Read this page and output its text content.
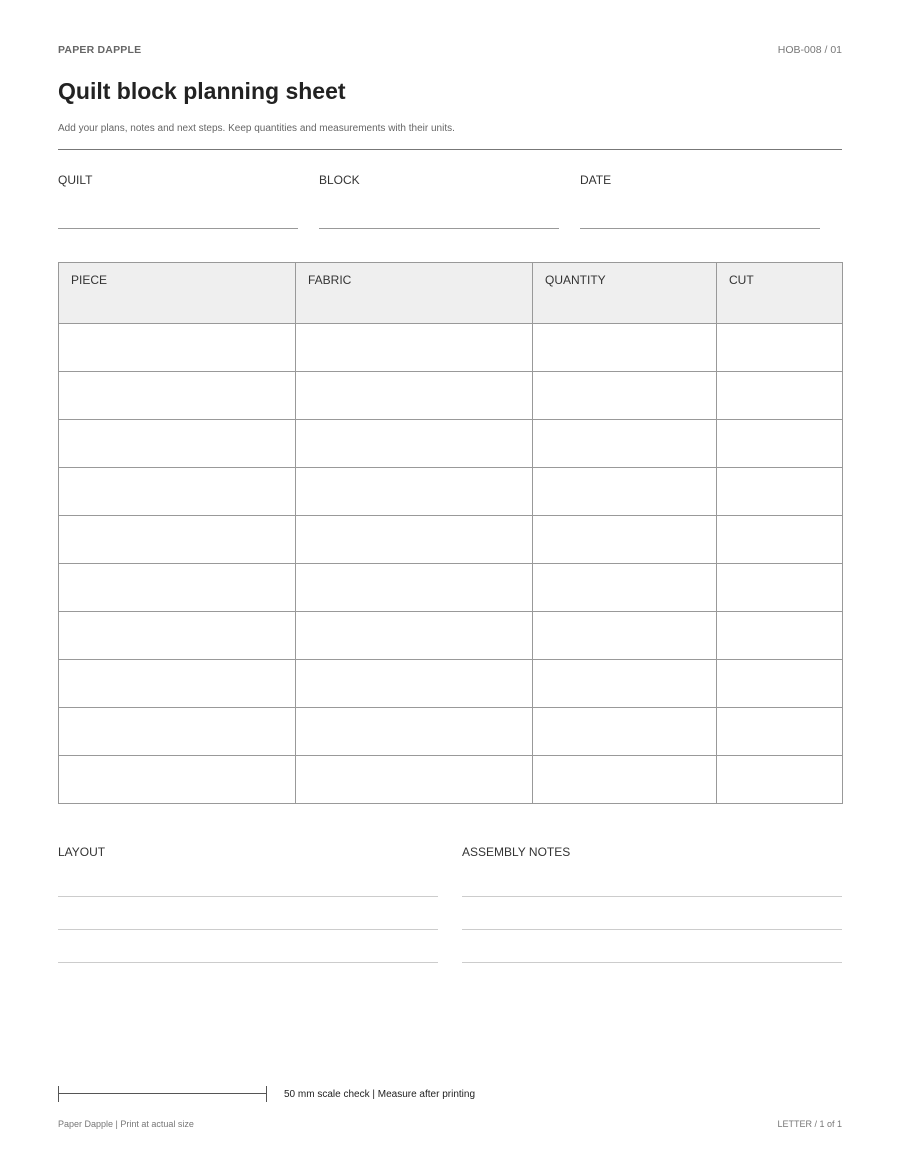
PAPER DAPPLE	HOB-008 / 01
Quilt block planning sheet
Add your plans, notes and next steps. Keep quantities and measurements with their units.
QUILT	BLOCK	DATE
PIECE	FABRIC	QUANTITY	CUT

LAYOUT	ASSEMBLY NOTES
50 mm scale check | Measure after printing
Paper Dapple | Print at actual size	LETTER / 1 of 1
